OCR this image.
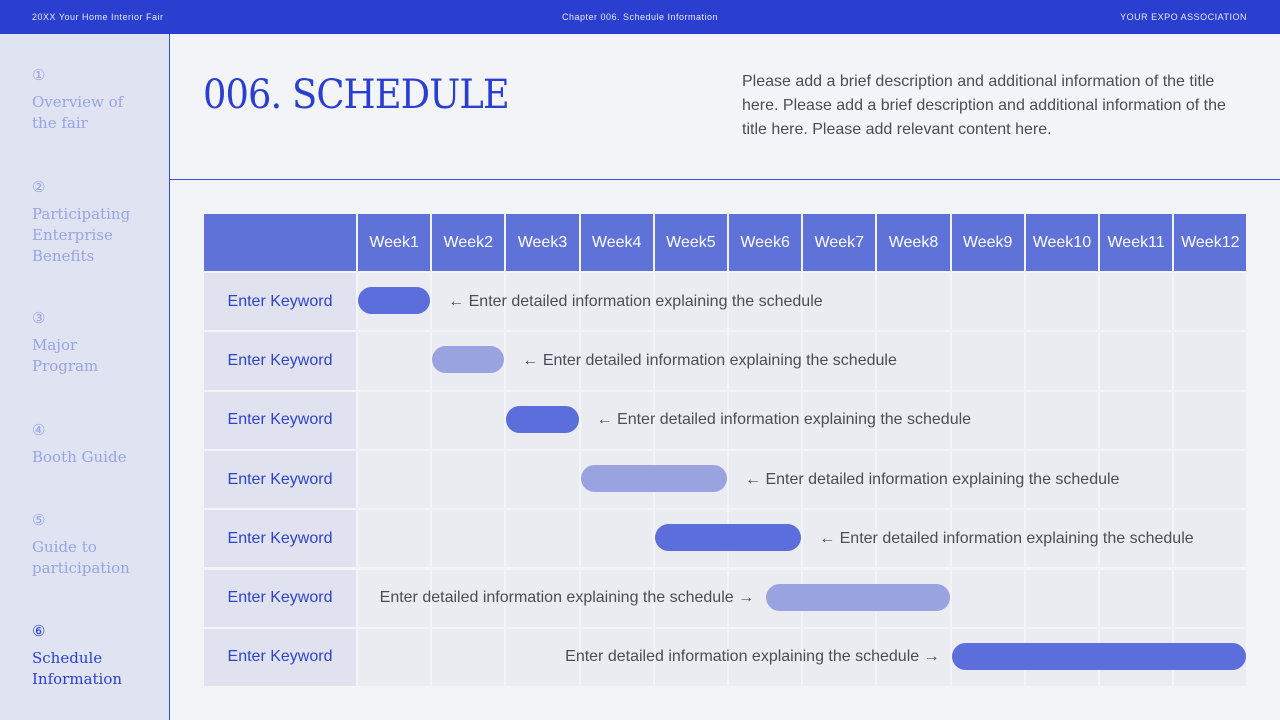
20XX Your Home Interior Fair	Chapter 006. Schedule Information	YOUR EXPO ASSOCIATION
①
Overview of the fair
②
Participating Enterprise Benefits
③
Major Program
④
Booth Guide
⑤
Guide to participation
⑥
Schedule Information
006. SCHEDULE	Please add a brief description and additional information of the title here. Please add a brief description and additional information of the title here. Please add relevant content here.
Week1	Week2	Week3	Week4	Week5	Week6	Week7	Week8	Week9	Week10	Week11	Week12
Enter Keyword	← Enter detailed information explaining the schedule
Enter Keyword	← Enter detailed information explaining the schedule
Enter Keyword	← Enter detailed information explaining the schedule
Enter Keyword	← Enter detailed information explaining the schedule
Enter Keyword	← Enter detailed information explaining the schedule
Enter Keyword	Enter detailed information explaining the schedule →
Enter Keyword	Enter detailed information explaining the schedule →
